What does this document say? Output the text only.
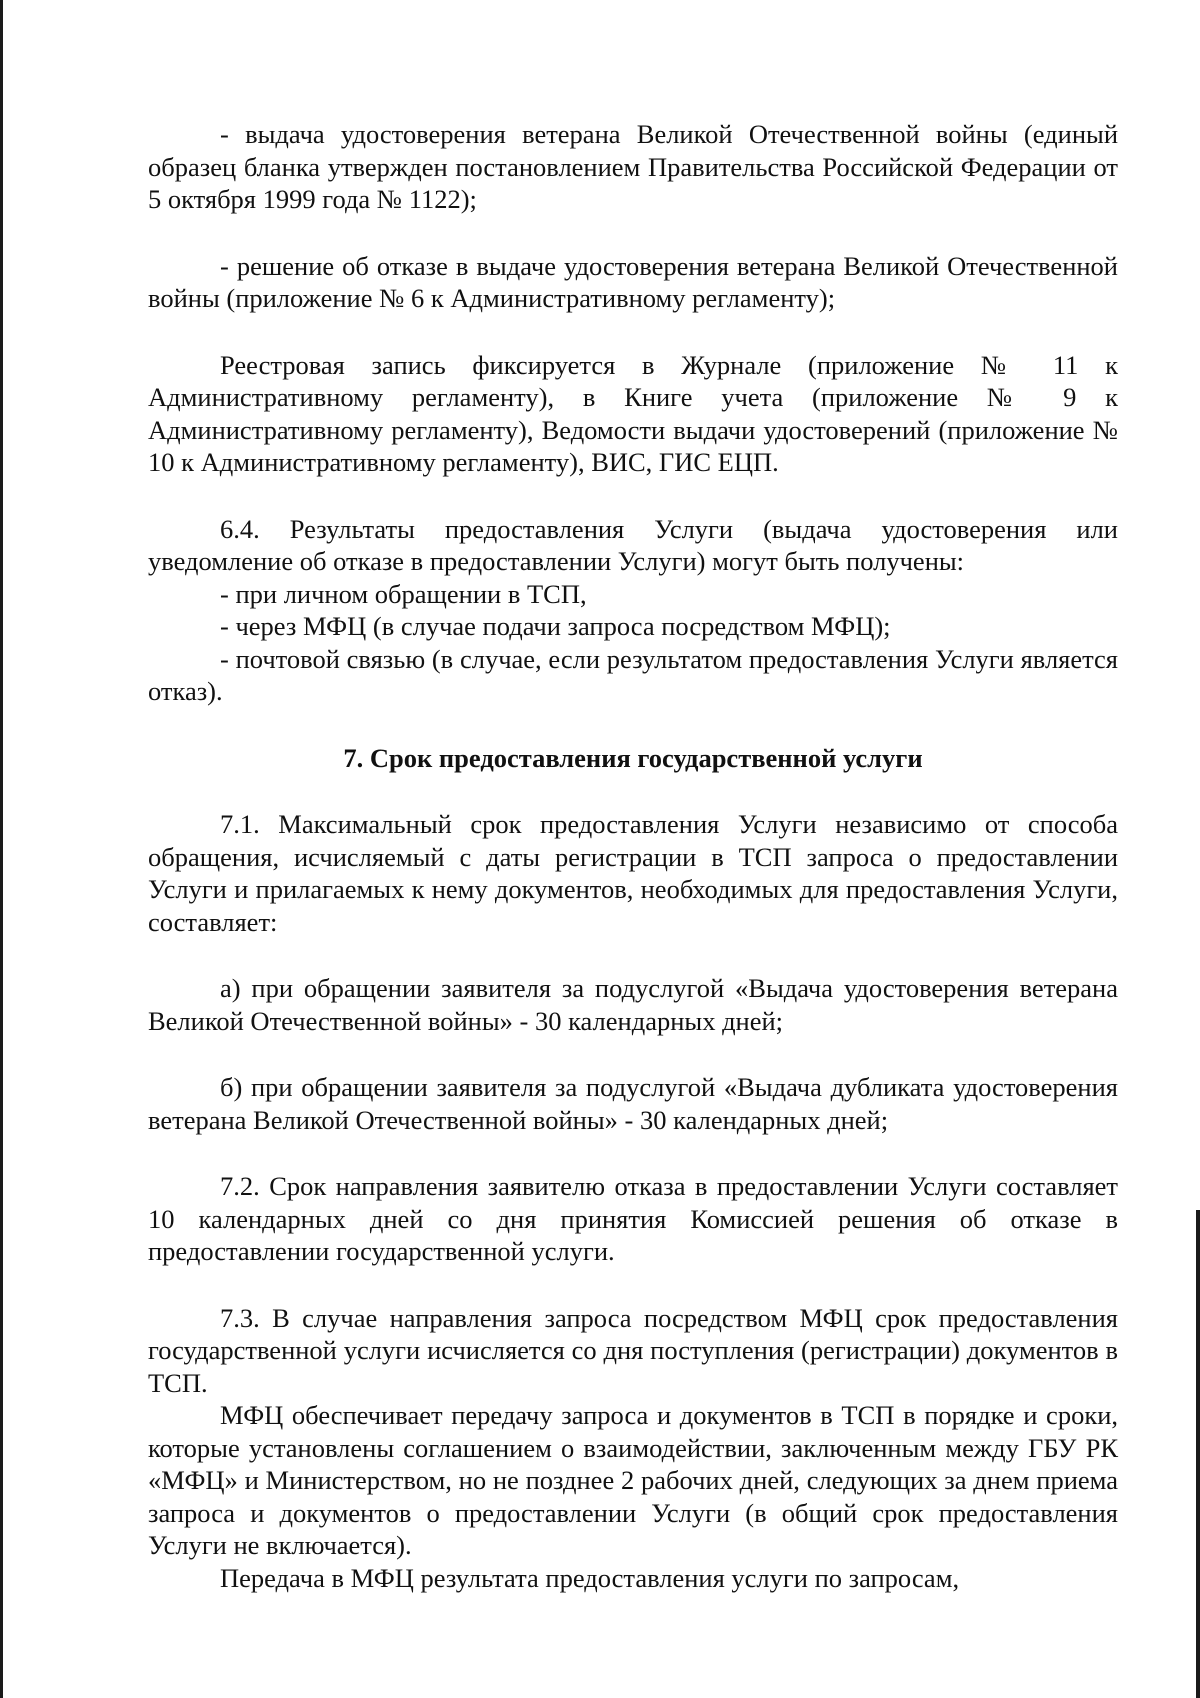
- выдача удостоверения ветерана Великой Отечественной войны (единый образец бланка утвержден постановлением Правительства Российской Федерации от 5 октября 1999 года № 1122);

- решение об отказе в выдаче удостоверения ветерана Великой Отечественной войны (приложение № 6 к Административному регламенту);

Реестровая запись фиксируется в Журнале (приложение № 11 к Административному регламенту), в Книге учета (приложение № 9 к Административному регламенту), Ведомости выдачи удостоверений (приложение № 10 к Административному регламенту), ВИС, ГИС ЕЦП.

6.4. Результаты предоставления Услуги (выдача удостоверения или уведомление об отказе в предоставлении Услуги) могут быть получены:

- при личном обращении в ТСП,

- через МФЦ (в случае подачи запроса посредством МФЦ);

- почтовой связью (в случае, если результатом предоставления Услуги является отказ).

7. Срок предоставления государственной услуги

7.1. Максимальный срок предоставления Услуги независимо от способа обращения, исчисляемый с даты регистрации в ТСП запроса о предоставлении Услуги и прилагаемых к нему документов, необходимых для предоставления Услуги, составляет:

а) при обращении заявителя за подуслугой «Выдача удостоверения ветерана Великой Отечественной войны» - 30 календарных дней;

б) при обращении заявителя за подуслугой «Выдача дубликата удостоверения ветерана Великой Отечественной войны» - 30 календарных дней;

7.2. Срок направления заявителю отказа в предоставлении Услуги составляет 10 календарных дней со дня принятия Комиссией решения об отказе в предоставлении государственной услуги.

7.3. В случае направления запроса посредством МФЦ срок предоставления государственной услуги исчисляется со дня поступления (регистрации) документов в ТСП.

МФЦ обеспечивает передачу запроса и документов в ТСП в порядке и сроки, которые установлены соглашением о взаимодействии, заключенным между ГБУ РК «МФЦ» и Министерством, но не позднее 2 рабочих дней, следующих за днем приема запроса и документов о предоставлении Услуги (в общий срок предоставления Услуги не включается).

Передача в МФЦ результата предоставления услуги по запросам,
